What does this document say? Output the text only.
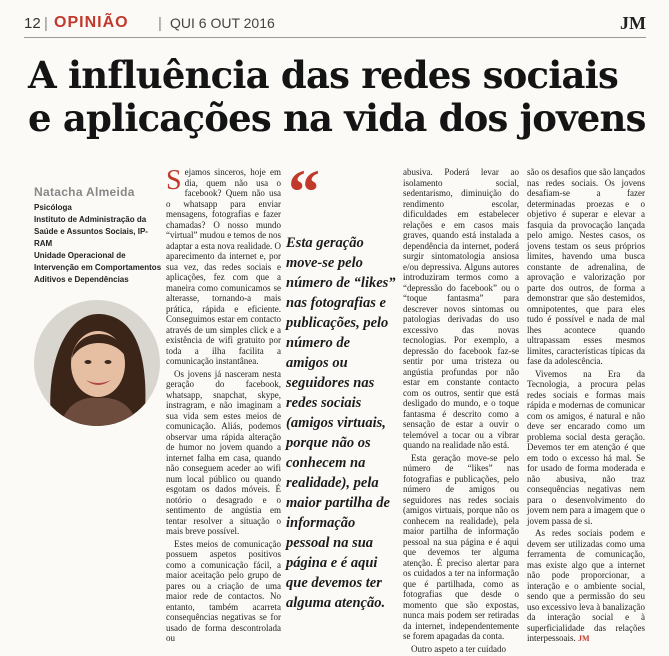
12 | OPINIÃO | QUI 6 OUT 2016	JM
A influência das redes sociais
e aplicações na vida dos jovens
Natacha Almeida
Psicóloga
Instituto de Administração da Saúde e Assuntos Sociais, IP-RAM
Unidade Operacional de Intervenção em Comportamentos Aditivos e Dependências

Sejamos sinceros, hoje em dia, quem não usa o facebook? Quem não usa o whatsapp para enviar mensagens, fotografias e fazer chamadas? O nosso mundo “virtual” mudou e temos de nos adaptar a esta nova realidade. O aparecimento da internet e, por sua vez, das redes sociais e aplicações, fez com que a maneira como comunicamos se alterasse, tornando-a mais prática, rápida e eficiente. Conseguimos estar em contacto através de um simples click e a existência de wifi gratuito por toda a ilha facilita a comunicação instantânea.

Os jovens já nasceram nesta geração do facebook, whatsapp, snapchat, skype, instragram, e não imaginam a sua vida sem estes meios de comunicação. Aliás, podemos observar uma rápida alteração de humor no jovem quando a internet falha em casa, quando não conseguem aceder ao wifi num local público ou quando esgotam os dados móveis. É notório o desagrado e o sentimento de angústia em tentar resolver a situação o mais breve possível.

Estes meios de comunicação possuem aspetos positivos como a comunicação fácil, a maior aceitação pelo grupo de pares ou a criação de uma maior rede de contactos. No entanto, também acarreta consequências negativas se for usado de forma descontrolada ou

“
Esta geração move-se pelo número de “likes” nas fotografias e publicações, pelo número de amigos ou seguidores nas redes sociais (amigos virtuais, porque não os conhecem na realidade), pela maior partilha de informação pessoal na sua página e é aqui que devemos ter alguma atenção.

abusiva. Poderá levar ao isolamento social, sedentarismo, diminuição do rendimento escolar, dificuldades em estabelecer relações e em casos mais graves, quando está instalada a dependência da internet, poderá surgir sintomatologia ansiosa e/ou depressiva. Alguns autores introduziram termos como a “depressão do facebook” ou o “toque fantasma” para descrever novos sintomas ou patologias derivadas do uso excessivo das novas tecnologias. Por exemplo, a depressão do facebook faz-se sentir por uma tristeza ou angústia profundas por não estar em constante contacto com os outros, sentir que está desligado do mundo, e o toque fantasma é descrito como a sensação de estar a ouvir o telemóvel a tocar ou a vibrar quando na realidade não está.

Esta geração move-se pelo número de “likes” nas fotografias e publicações, pelo número de amigos ou seguidores nas redes sociais (amigos virtuais, porque não os conhecem na realidade), pela maior partilha de informação pessoal na sua página e é aqui que devemos ter alguma atenção. É preciso alertar para os cuidados a ter na informação que é partilhada, como as fotografias que desde o momento que são expostas, nunca mais podem ser retiradas da internet, independentemente se forem apagadas da conta.

Outro aspeto a ter cuidado

são os desafios que são lançados nas redes sociais. Os jovens desafiam-se a fazer determinadas proezas e o objetivo é superar e elevar a fasquia da provocação lançada pelo amigo. Nestes casos, os jovens testam os seus próprios limites, havendo uma busca constante de adrenalina, de aprovação e valorização por parte dos outros, de forma a demonstrar que são destemidos, omnipotentes, que para eles tudo é possível e nada de mal lhes acontece quando ultrapassam esses mesmos limites, características típicas da fase da adolescência.

Vivemos na Era da Tecnologia, a procura pelas redes sociais e formas mais rápida e modernas de comunicar com os amigos, é natural e não deve ser encarado como um problema social desta geração. Devemos ter em atenção é que em todo o excesso há mal. Se for usado de forma moderada e não abusiva, não traz consequências negativas nem para o desenvolvimento do jovem nem para a imagem que o jovem passa de si.

As redes sociais podem e devem ser utilizadas como uma ferramenta de comunicação, mas existe algo que a internet não pode proporcionar, a interação e o ambiente social, sendo que a permissão do seu uso excessivo leva à banalização da interação social e à superficialidade das relações interpessoais. JM
